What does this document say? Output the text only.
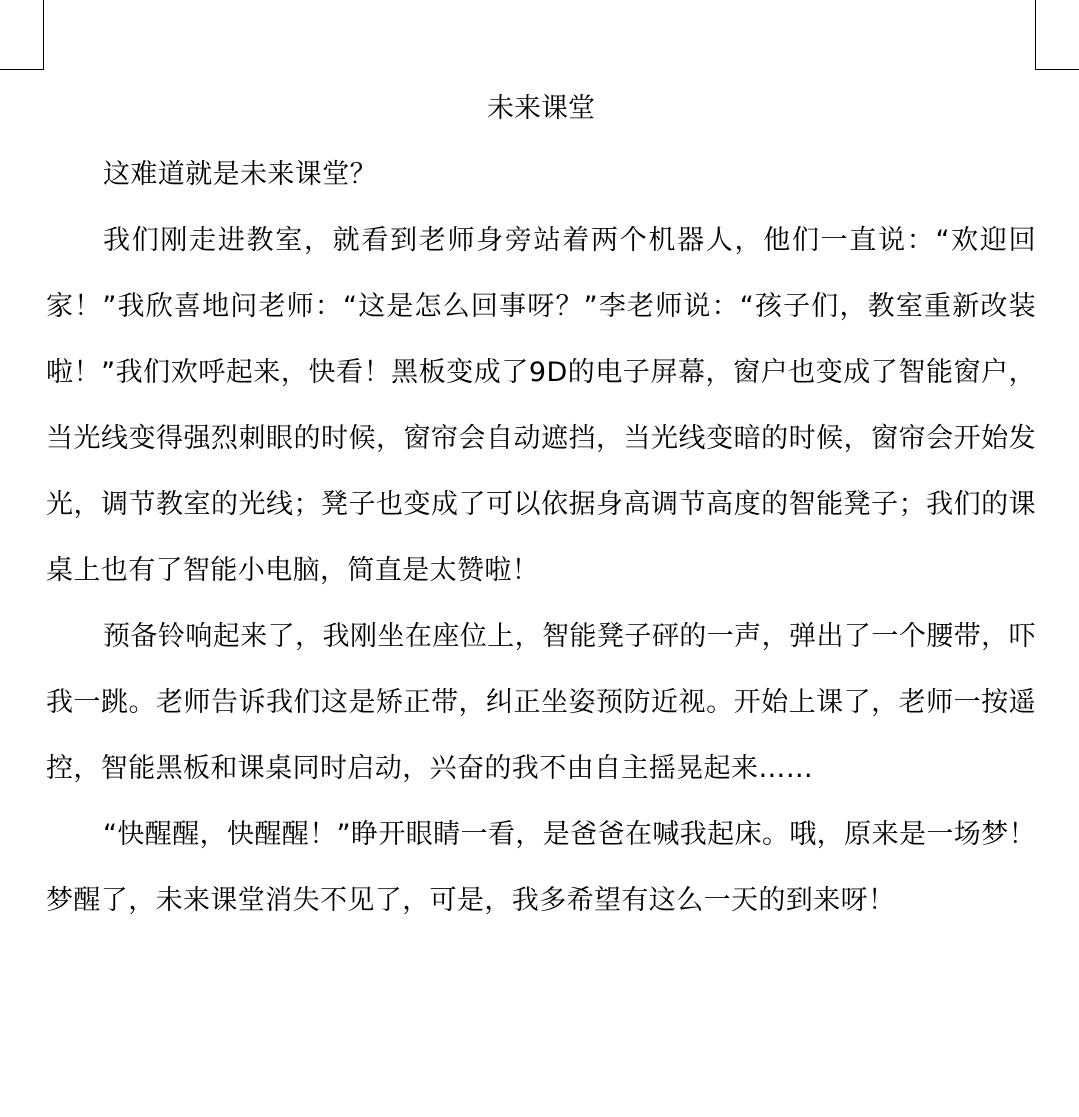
未来课堂

这难道就是未来课堂？

我们刚走进教室，就看到老师身旁站着两个机器人，他们一直说：“欢迎回家！”我欣喜地问老师：“这是怎么回事呀？”李老师说：“孩子们，教室重新改装啦！”我们欢呼起来，快看！黑板变成了9D的电子屏幕，窗户也变成了智能窗户，当光线变得强烈刺眼的时候，窗帘会自动遮挡，当光线变暗的时候，窗帘会开始发光，调节教室的光线；凳子也变成了可以依据身高调节高度的智能凳子；我们的课桌上也有了智能小电脑，简直是太赞啦！

预备铃响起来了，我刚坐在座位上，智能凳子砰的一声，弹出了一个腰带，吓我一跳。老师告诉我们这是矫正带，纠正坐姿预防近视。开始上课了，老师一按遥控，智能黑板和课桌同时启动，兴奋的我不由自主摇晃起来……

“快醒醒，快醒醒！”睁开眼睛一看，是爸爸在喊我起床。哦，原来是一场梦！梦醒了，未来课堂消失不见了，可是，我多希望有这么一天的到来呀！
